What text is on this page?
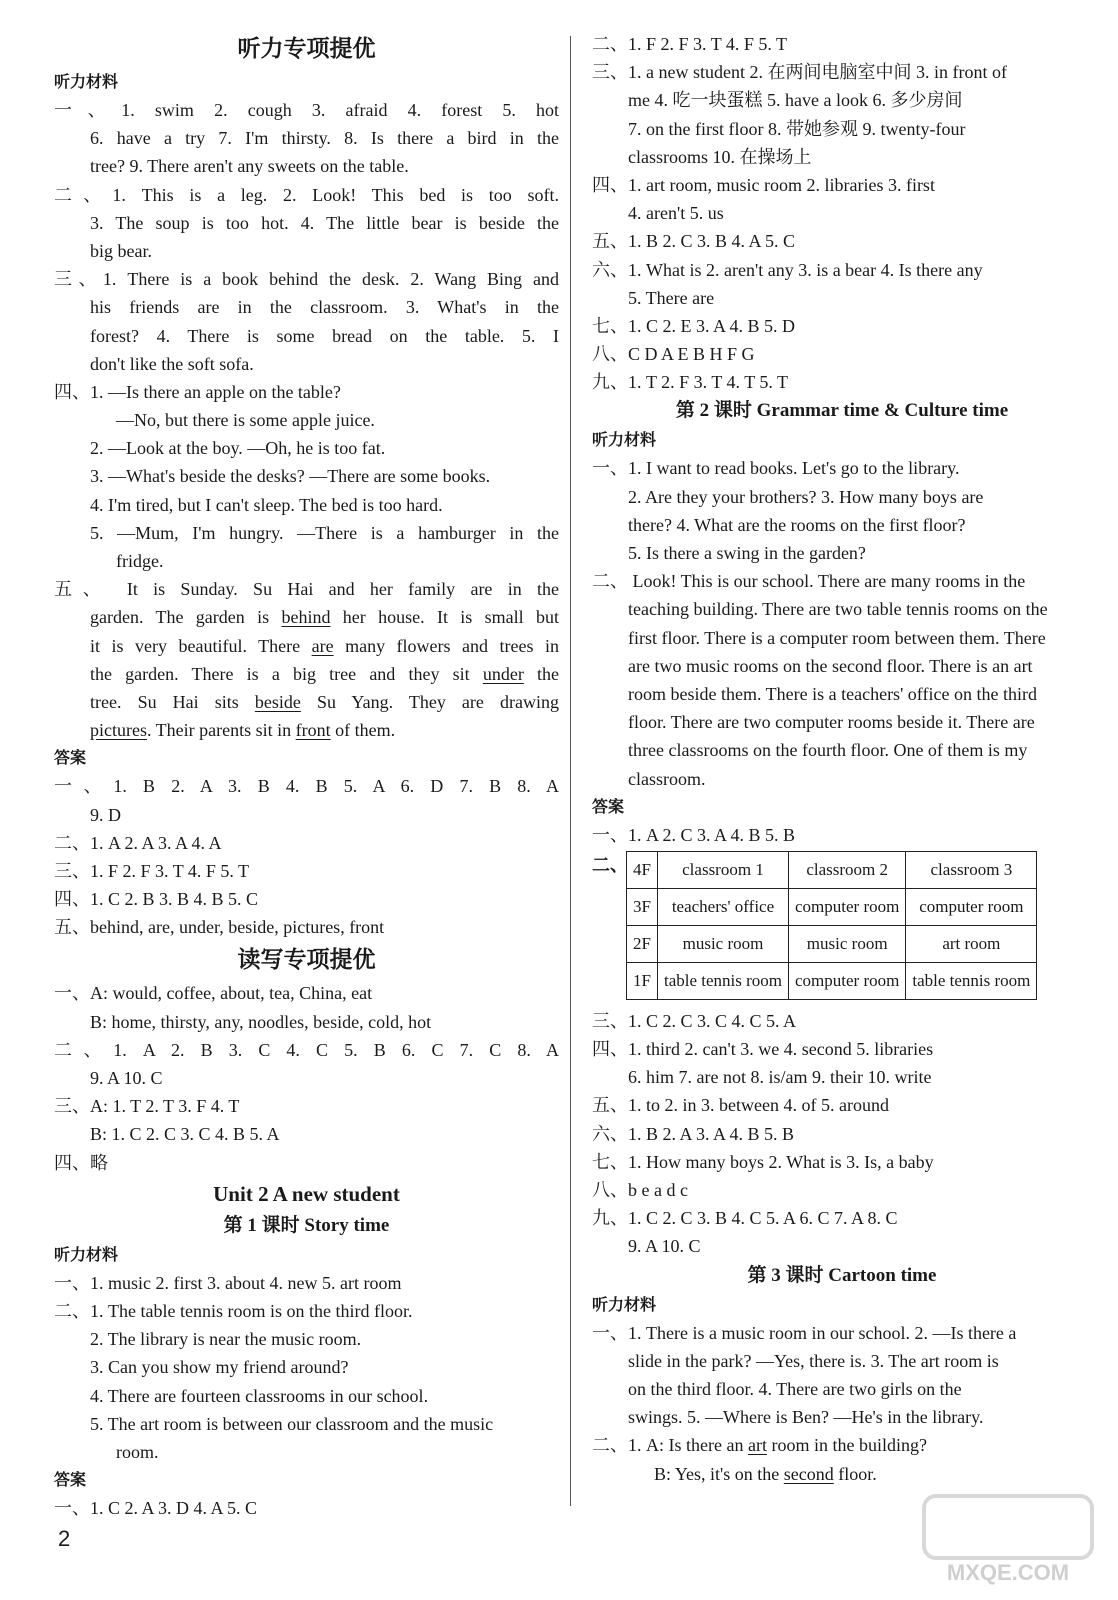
听力专项提优
听力材料
一、1. swim 2. cough 3. afraid 4. forest 5. hot
6. have a try 7. I'm thirsty. 8. Is there a bird in the
tree? 9. There aren't any sweets on the table.
二、1. This is a leg. 2. Look! This bed is too soft.
3. The soup is too hot. 4. The little bear is beside the
big bear.
三、1. There is a book behind the desk. 2. Wang Bing and
his friends are in the classroom. 3. What's in the
forest? 4. There is some bread on the table. 5. I
don't like the soft sofa.
四、1. —Is there an apple on the table?
—No, but there is some apple juice.
2. —Look at the boy. —Oh, he is too fat.
3. —What's beside the desks? —There are some books.
4. I'm tired, but I can't sleep. The bed is too hard.
5. —Mum, I'm hungry. —There is a hamburger in the
fridge.
五、 It is Sunday. Su Hai and her family are in the
garden. The garden is behind her house. It is small but
it is very beautiful. There are many flowers and trees in
the garden. There is a big tree and they sit under the
tree. Su Hai sits beside Su Yang. They are drawing
pictures. Their parents sit in front of them.
答案
一、1. B 2. A 3. B 4. B 5. A 6. D 7. B 8. A
9. D
二、1. A 2. A 3. A 4. A
三、1. F 2. F 3. T 4. F 5. T
四、1. C 2. B 3. B 4. B 5. C
五、behind, are, under, beside, pictures, front
读写专项提优
一、A: would, coffee, about, tea, China, eat
B: home, thirsty, any, noodles, beside, cold, hot
二、1. A 2. B 3. C 4. C 5. B 6. C 7. C 8. A
9. A 10. C
三、A: 1. T 2. T 3. F 4. T
B: 1. C 2. C 3. C 4. B 5. A
四、略
Unit 2 A new student
第 1 课时 Story time
听力材料
一、1. music 2. first 3. about 4. new 5. art room
二、1. The table tennis room is on the third floor.
2. The library is near the music room.
3. Can you show my friend around?
4. There are fourteen classrooms in our school.
5. The art room is between our classroom and the music
room.
答案
一、1. C 2. A 3. D 4. A 5. C
二、1. F 2. F 3. T 4. F 5. T
三、1. a new student 2. 在两间电脑室中间 3. in front of
me 4. 吃一块蛋糕 5. have a look 6. 多少房间
7. on the first floor 8. 带她参观 9. twenty-four
classrooms 10. 在操场上
四、1. art room, music room 2. libraries 3. first
4. aren't 5. us
五、1. B 2. C 3. B 4. A 5. C
六、1. What is 2. aren't any 3. is a bear 4. Is there any
5. There are
七、1. C 2. E 3. A 4. B 5. D
八、C D A E B H F G
九、1. T 2. F 3. T 4. T 5. T
第 2 课时 Grammar time & Culture time
听力材料
一、1. I want to read books. Let's go to the library.
2. Are they your brothers? 3. How many boys are
there? 4. What are the rooms on the first floor?
5. Is there a swing in the garden?
二、 Look! This is our school. There are many rooms in the
teaching building. There are two table tennis rooms on the
first floor. There is a computer room between them. There
are two music rooms on the second floor. There is an art
room beside them. There is a teachers' office on the third
floor. There are two computer rooms beside it. There are
three classrooms on the fourth floor. One of them is my
classroom.
答案
一、1. A 2. C 3. A 4. B 5. B
二、 4F	classroom 1	classroom 2	classroom 3
3F	teachers' office	computer room	computer room
2F	music room	music room	art room
1F	table tennis room	computer room	table tennis room
三、1. C 2. C 3. C 4. C 5. A
四、1. third 2. can't 3. we 4. second 5. libraries
6. him 7. are not 8. is/am 9. their 10. write
五、1. to 2. in 3. between 4. of 5. around
六、1. B 2. A 3. A 4. B 5. B
七、1. How many boys 2. What is 3. Is, a baby
八、b e a d c
九、1. C 2. C 3. B 4. C 5. A 6. C 7. A 8. C
9. A 10. C
第 3 课时 Cartoon time
听力材料
一、1. There is a music room in our school. 2. —Is there a
slide in the park? —Yes, there is. 3. The art room is
on the third floor. 4. There are two girls on the
swings. 5. —Where is Ben? —He's in the library.
二、1. A: Is there an art room in the building?
B: Yes, it's on the second floor.
2
MXQE.COM
